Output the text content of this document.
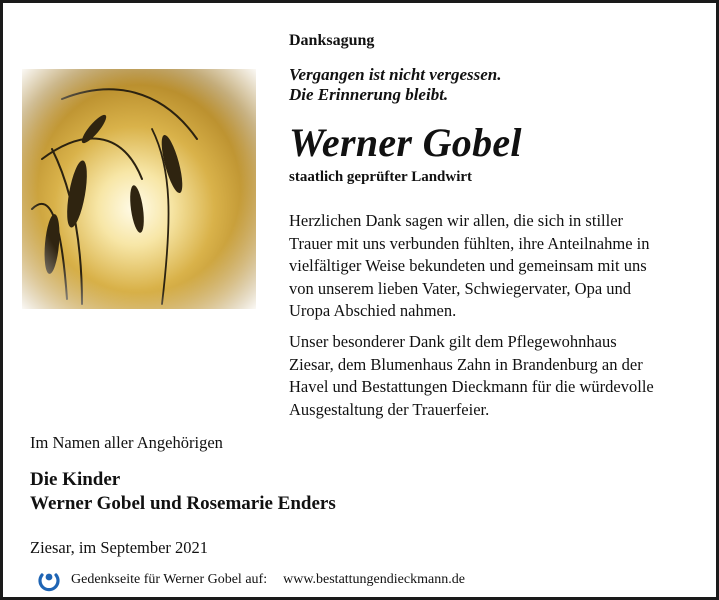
Danksagung
Vergangen ist nicht vergessen.
Die Erinnerung bleibt.
Werner Gobel
staatlich geprüfter Landwirt
Herzlichen Dank sagen wir allen, die sich in stiller
Trauer mit uns verbunden fühlten, ihre Anteilnahme in
vielfältiger Weise bekundeten und gemeinsam mit uns
von unserem lieben Vater, Schwiegervater, Opa und
Uropa Abschied nahmen.
Unser besonderer Dank gilt dem Pflegewohnhaus
Ziesar, dem Blumenhaus Zahn in Brandenburg an der
Havel und Bestattungen Dieckmann für die würdevolle
Ausgestaltung der Trauerfeier.
Im Namen aller Angehörigen
Die Kinder
Werner Gobel und Rosemarie Enders
Ziesar, im September 2021
Gedenkseite für Werner Gobel auf: www.bestattungendieckmann.de
